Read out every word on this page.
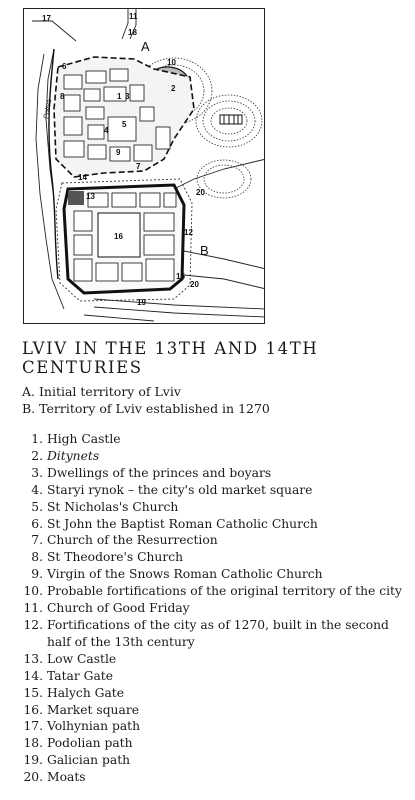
Poltva
17	11
18
10
2
6
8	1 3
4
5
9
7
14
13	20
12
16
15
20
19
A
B
LVIV IN THE 13TH AND 14TH CENTURIES
A. Initial territory of Lviv
B. Territory of Lviv established in 1270
1. High Castle
2. Ditynets
3. Dwellings of the princes and boyars
4. Staryi rynok – the city's old market square
5. St Nicholas's Church
6. St John the Baptist Roman Catholic Church
7. Church of the Resurrection
8. St Theodore's Church
9. Virgin of the Snows Roman Catholic Church
10. Probable fortifications of the original territory of the city
11. Church of Good Friday
12. Fortifications of the city as of 1270, built in the second half of the 13th century
13. Low Castle
14. Tatar Gate
15. Halych Gate
16. Market square
17. Volhynian path
18. Podolian path
19. Galician path
20. Moats
